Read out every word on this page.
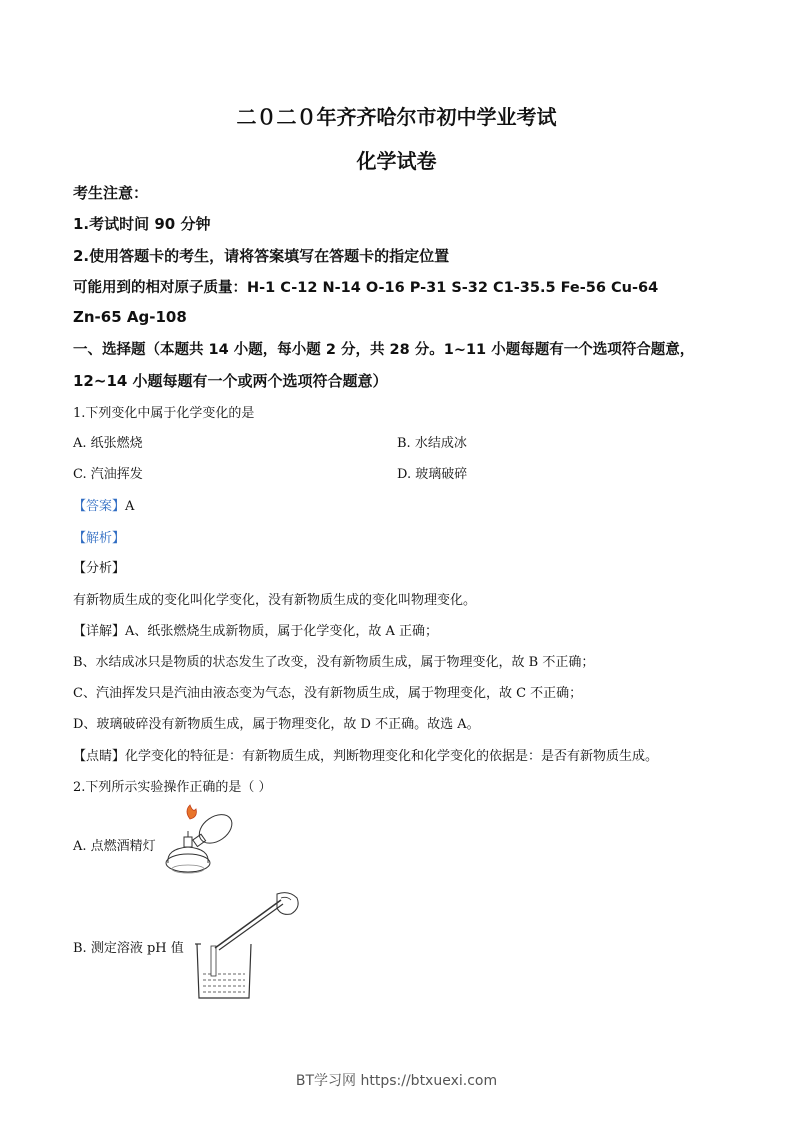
二０二０年齐齐哈尔市初中学业考试
化学试卷
考生注意：
1.考试时间 90 分钟
2.使用答题卡的考生，请将答案填写在答题卡的指定位置
可能用到的相对原子质量：H-1 C-12 N-14 O-16 P-31 S-32 C1-35.5 Fe-56 Cu-64
Zn-65 Ag-108
一、选择题（本题共 14 小题，每小题 2 分，共 28 分。1~11 小题每题有一个选项符合题意，
12~14 小题每题有一个或两个选项符合题意）
1.下列变化中属于化学变化的是
A. 纸张燃烧	B. 水结成冰
C. 汽油挥发	D. 玻璃破碎
【答案】A
【解析】
【分析】
有新物质生成的变化叫化学变化，没有新物质生成的变化叫物理变化。
【详解】A、纸张燃烧生成新物质，属于化学变化，故 A 正确；
B、水结成冰只是物质的状态发生了改变，没有新物质生成，属于物理变化，故 B 不正确；
C、汽油挥发只是汽油由液态变为气态，没有新物质生成，属于物理变化，故 C 不正确；
D、玻璃破碎没有新物质生成，属于物理变化，故 D 不正确。故选 A。
【点睛】化学变化的特征是：有新物质生成，判断物理变化和化学变化的依据是：是否有新物质生成。
2.下列所示实验操作正确的是（ ）
A. 点燃酒精灯
B. 测定溶液 pH 值
BT学习网 https://btxuexi.com
